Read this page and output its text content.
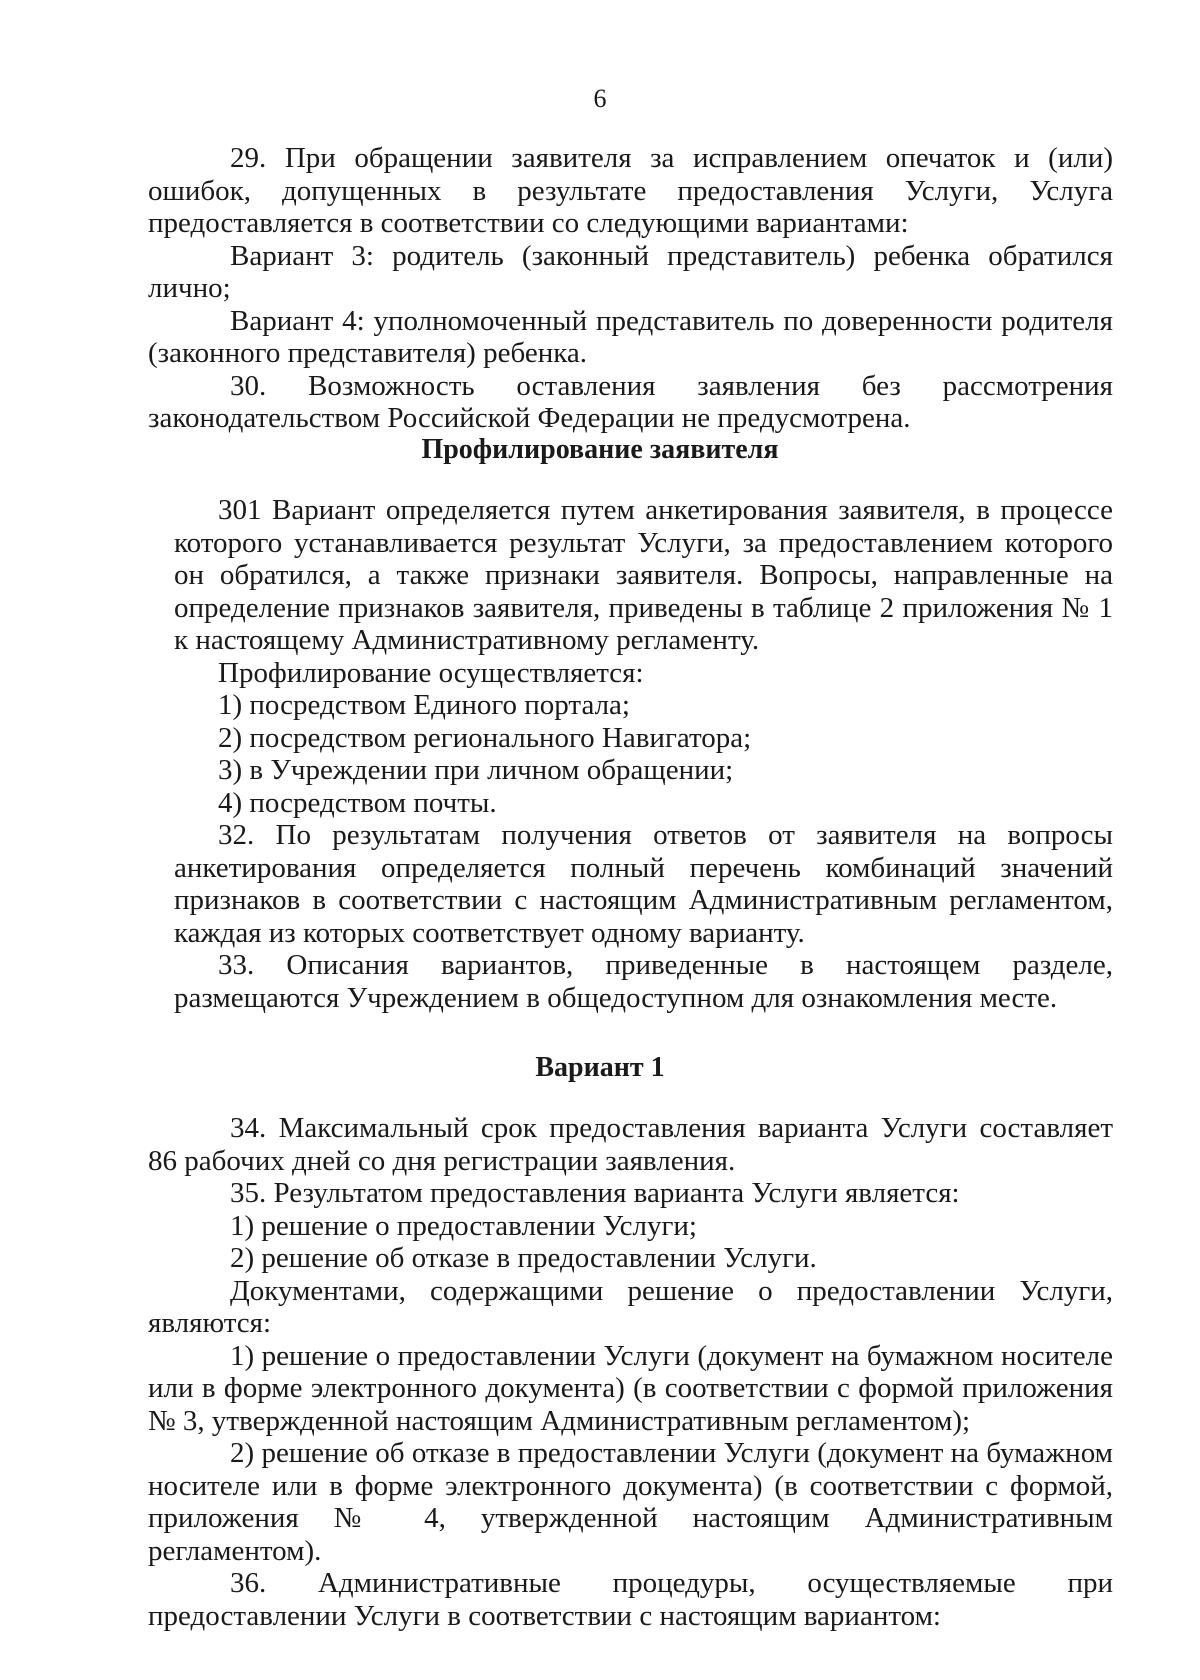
6

29. При обращении заявителя за исправлением опечаток и (или) ошибок, допущенных в результате предоставления Услуги, Услуга предоставляется в соответствии со следующими вариантами:

Вариант 3: родитель (законный представитель) ребенка обратился лично;

Вариант 4: уполномоченный представитель по доверенности родителя (законного представителя) ребенка.

30. Возможность оставления заявления без рассмотрения законодательством Российской Федерации не предусмотрена.

Профилирование заявителя

301 Вариант определяется путем анкетирования заявителя, в процессе которого устанавливается результат Услуги, за предоставлением которого он обратился, а также признаки заявителя. Вопросы, направленные на определение признаков заявителя, приведены в таблице 2 приложения № 1 к настоящему Административному регламенту.

Профилирование осуществляется:

1) посредством Единого портала;

2) посредством регионального Навигатора;

3) в Учреждении при личном обращении;

4) посредством почты.

32. По результатам получения ответов от заявителя на вопросы анкетирования определяется полный перечень комбинаций значений признаков в соответствии с настоящим Административным регламентом, каждая из которых соответствует одному варианту.

33. Описания вариантов, приведенные в настоящем разделе, размещаются Учреждением в общедоступном для ознакомления месте.

Вариант 1

34. Максимальный срок предоставления варианта Услуги составляет 86 рабочих дней со дня регистрации заявления.

35. Результатом предоставления варианта Услуги является:

1) решение о предоставлении Услуги;

2) решение об отказе в предоставлении Услуги.

Документами, содержащими решение о предоставлении Услуги, являются:

1) решение о предоставлении Услуги (документ на бумажном носителе или в форме электронного документа) (в соответствии с формой приложения № 3, утвержденной настоящим Административным регламентом);

2) решение об отказе в предоставлении Услуги (документ на бумажном носителе или в форме электронного документа) (в соответствии с формой, приложения № 4, утвержденной настоящим Административным регламентом).

36. Административные процедуры, осуществляемые при предоставлении Услуги в соответствии с настоящим вариантом:
